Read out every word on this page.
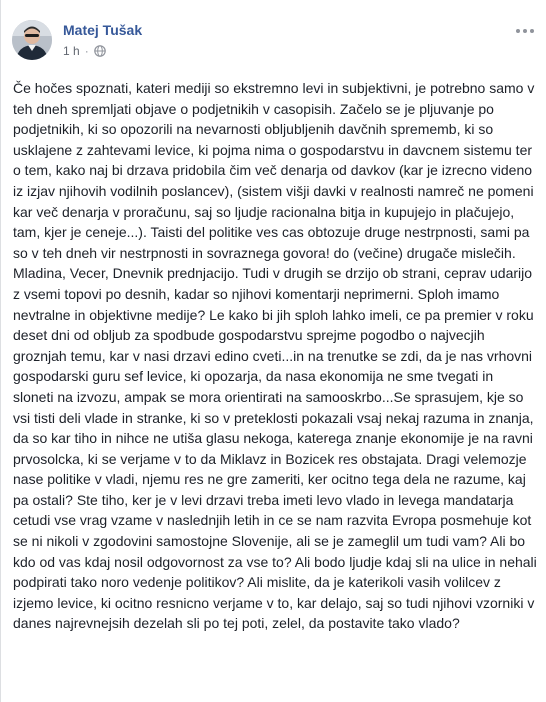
Matej Tušak
1 h ·

Če hočes spoznati, kateri mediji so ekstremno levi in subjektivni, je potrebno samo v teh dneh spremljati objave o podjetnikih v casopisih. Začelo se je pljuvanje po podjetnikih, ki so opozorili na nevarnosti obljubljenih davčnih sprememb, ki so usklajene z zahtevami levice, ki pojma nima o gospodarstvu in davcnem sistemu ter o tem, kako naj bi drzava pridobila čim več denarja od davkov (kar je izrecno videno iz izjav njihovih vodilnih poslancev), (sistem višji davki v realnosti namreč ne pomeni kar več denarja v proračunu, saj so ljudje racionalna bitja in kupujejo in plačujejo, tam, kjer je ceneje...). Taisti del politike ves cas obtozuje druge nestrpnosti, sami pa so v teh dneh vir nestrpnosti in sovraznega govora! do (večine) drugače mislečih. Mladina, Vecer, Dnevnik prednjacijo. Tudi v drugih se drzijo ob strani, ceprav udarijo z vsemi topovi po desnih, kadar so njihovi komentarji neprimerni. Sploh imamo nevtralne in objektivne medije? Le kako bi jih sploh lahko imeli, ce pa premier v roku deset dni od obljub za spodbude gospodarstvu sprejme pogodbo o najvecjih groznjah temu, kar v nasi drzavi edino cveti...in na trenutke se zdi, da je nas vrhovni gospodarski guru sef levice, ki opozarja, da nasa ekonomija ne sme tvegati in sloneti na izvozu, ampak se mora orientirati na samooskrbo...Se sprasujem, kje so vsi tisti deli vlade in stranke, ki so v preteklosti pokazali vsaj nekaj razuma in znanja, da so kar tiho in nihce ne utiša glasu nekoga, katerega znanje ekonomije je na ravni prvosolcka, ki se verjame v to da Miklavz in Bozicek res obstajata. Dragi velemozje nase politike v vladi, njemu res ne gre zameriti, ker ocitno tega dela ne razume, kaj pa ostali? Ste tiho, ker je v levi drzavi treba imeti levo vlado in levega mandatarja cetudi vse vrag vzame v naslednjih letih in ce se nam razvita Evropa posmehuje kot se ni nikoli v zgodovini samostojne Slovenije, ali se je zameglil um tudi vam? Ali bo kdo od vas kdaj nosil odgovornost za vse to? Ali bodo ljudje kdaj sli na ulice in nehali podpirati tako noro vedenje politikov? Ali mislite, da je katerikoli vasih volilcev z izjemo levice, ki ocitno resnicno verjame v to, kar delajo, saj so tudi njihovi vzorniki v danes najrevnejsih dezelah sli po tej poti, zelel, da postavite tako vlado?
